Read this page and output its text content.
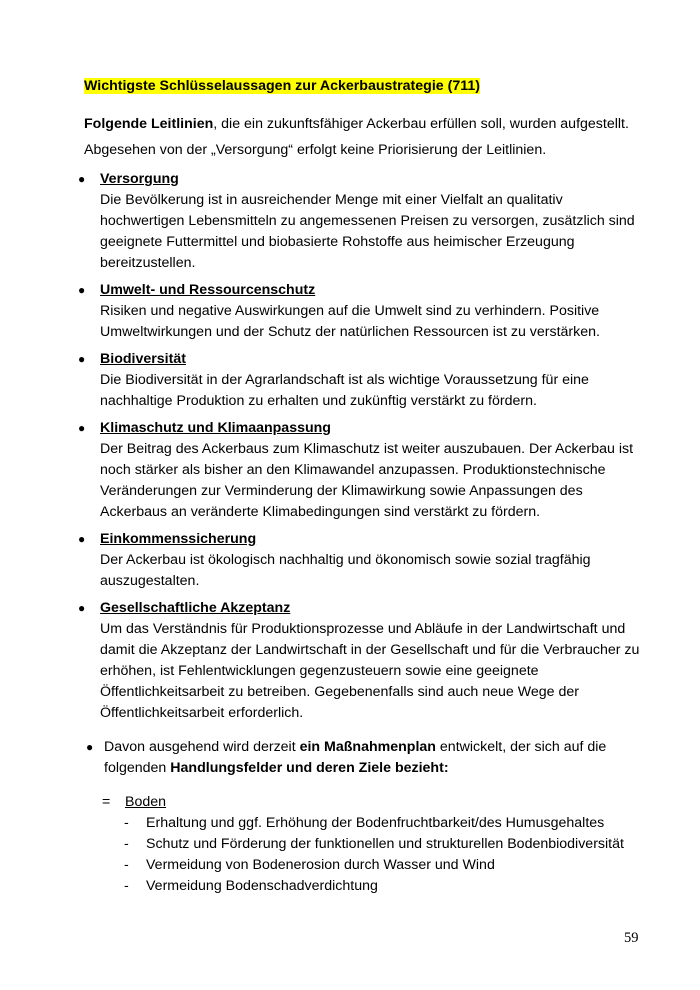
Wichtigste Schlüsselaussagen zur Ackerbaustrategie (711)

Folgende Leitlinien, die ein zukunftsfähiger Ackerbau erfüllen soll, wurden aufgestellt.

Abgesehen von der „Versorgung“ erfolgt keine Priorisierung der Leitlinien.

● Versorgung
Die Bevölkerung ist in ausreichender Menge mit einer Vielfalt an qualitativ hochwertigen Lebensmitteln zu angemessenen Preisen zu versorgen, zusätzlich sind geeignete Futtermittel und biobasierte Rohstoffe aus heimischer Erzeugung bereitzustellen.
● Umwelt- und Ressourcenschutz
Risiken und negative Auswirkungen auf die Umwelt sind zu verhindern. Positive Umweltwirkungen und der Schutz der natürlichen Ressourcen ist zu verstärken.
● Biodiversität
Die Biodiversität in der Agrarlandschaft ist als wichtige Voraussetzung für eine nachhaltige Produktion zu erhalten und zukünftig verstärkt zu fördern.
● Klimaschutz und Klimaanpassung
Der Beitrag des Ackerbaus zum Klimaschutz ist weiter auszubauen. Der Ackerbau ist noch stärker als bisher an den Klimawandel anzupassen. Produktionstechnische Veränderungen zur Verminderung der Klimawirkung sowie Anpassungen des Ackerbaus an veränderte Klimabedingungen sind verstärkt zu fördern.
● Einkommenssicherung
Der Ackerbau ist ökologisch nachhaltig und ökonomisch sowie sozial tragfähig auszugestalten.
● Gesellschaftliche Akzeptanz
Um das Verständnis für Produktionsprozesse und Abläufe in der Landwirtschaft und damit die Akzeptanz der Landwirtschaft in der Gesellschaft und für die Verbraucher zu erhöhen, ist Fehlentwicklungen gegenzusteuern sowie eine geeignete Öffentlichkeitsarbeit zu betreiben. Gegebenenfalls sind auch neue Wege der Öffentlichkeitsarbeit erforderlich.
● Davon ausgehend wird derzeit ein Maßnahmenplan entwickelt, der sich auf die folgenden Handlungsfelder und deren Ziele bezieht:
= Boden
- Erhaltung und ggf. Erhöhung der Bodenfruchtbarkeit/des Humusgehaltes
- Schutz und Förderung der funktionellen und strukturellen Bodenbiodiversität
- Vermeidung von Bodenerosion durch Wasser und Wind
- Vermeidung Bodenschadverdichtung
59
